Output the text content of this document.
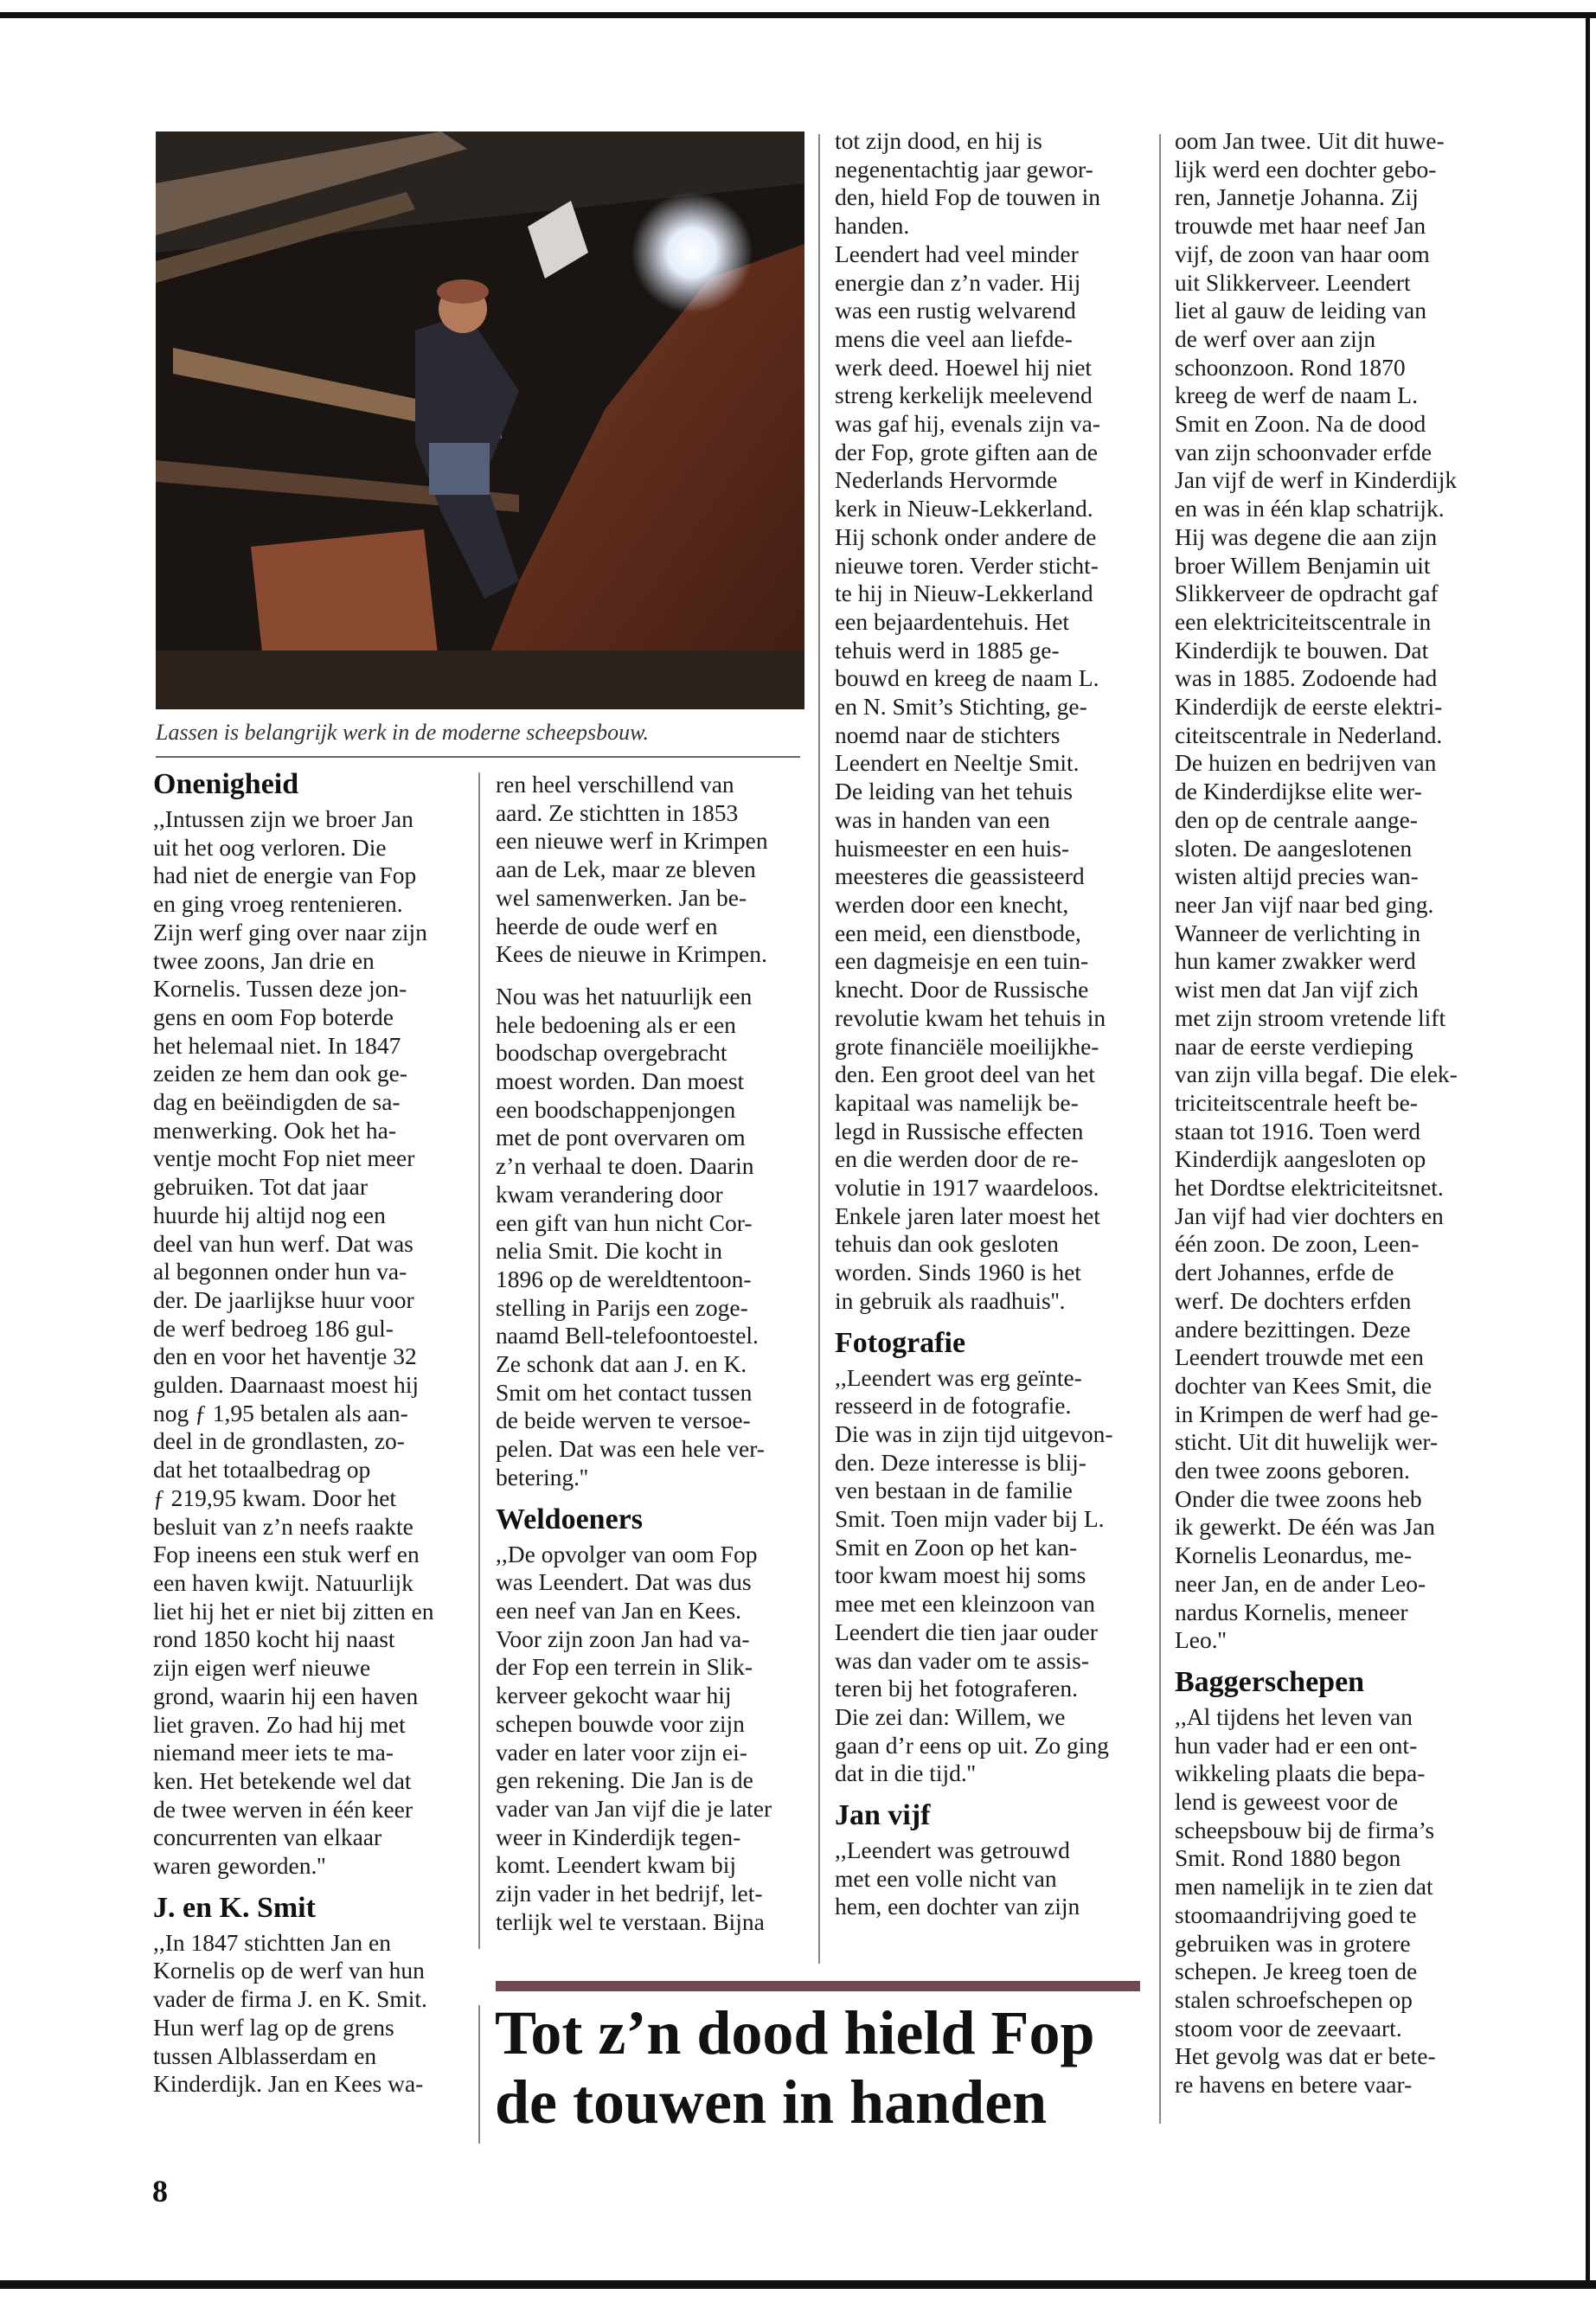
Lassen is belangrijk werk in de moderne scheepsbouw.
Onenigheid

,,Intussen zijn we broer Jan

uit het oog verloren. Die

had niet de energie van Fop

en ging vroeg rentenieren.

Zijn werf ging over naar zijn

twee zoons, Jan drie en

Kornelis. Tussen deze jon-

gens en oom Fop boterde

het helemaal niet. In 1847

zeiden ze hem dan ook ge-

dag en beëindigden de sa-

menwerking. Ook het ha-

ventje mocht Fop niet meer

gebruiken. Tot dat jaar

huurde hij altijd nog een

deel van hun werf. Dat was

al begonnen onder hun va-

der. De jaarlijkse huur voor

de werf bedroeg 186 gul-

den en voor het haventje 32

gulden. Daarnaast moest hij

nog ƒ 1,95 betalen als aan-

deel in de grondlasten, zo-

dat het totaalbedrag op

ƒ 219,95 kwam. Door het

besluit van z’n neefs raakte

Fop ineens een stuk werf en

een haven kwijt. Natuurlijk

liet hij het er niet bij zitten en

rond 1850 kocht hij naast

zijn eigen werf nieuwe

grond, waarin hij een haven

liet graven. Zo had hij met

niemand meer iets te ma-

ken. Het betekende wel dat

de twee werven in één keer

concurrenten van elkaar

waren geworden.''

J. en K. Smit

,,In 1847 stichtten Jan en

Kornelis op de werf van hun

vader de firma J. en K. Smit.

Hun werf lag op de grens

tussen Alblasserdam en

Kinderdijk. Jan en Kees wa-

ren heel verschillend van

aard. Ze stichtten in 1853

een nieuwe werf in Krimpen

aan de Lek, maar ze bleven

wel samenwerken. Jan be-

heerde de oude werf en

Kees de nieuwe in Krimpen.

Nou was het natuurlijk een

hele bedoening als er een

boodschap overgebracht

moest worden. Dan moest

een boodschappenjongen

met de pont overvaren om

z’n verhaal te doen. Daarin

kwam verandering door

een gift van hun nicht Cor-

nelia Smit. Die kocht in

1896 op de wereldtentoon-

stelling in Parijs een zoge-

naamd Bell-telefoontoestel.

Ze schonk dat aan J. en K.

Smit om het contact tussen

de beide werven te versoe-

pelen. Dat was een hele ver-

betering.''

Weldoeners

,,De opvolger van oom Fop

was Leendert. Dat was dus

een neef van Jan en Kees.

Voor zijn zoon Jan had va-

der Fop een terrein in Slik-

kerveer gekocht waar hij

schepen bouwde voor zijn

vader en later voor zijn ei-

gen rekening. Die Jan is de

vader van Jan vijf die je later

weer in Kinderdijk tegen-

komt. Leendert kwam bij

zijn vader in het bedrijf, let-

terlijk wel te verstaan. Bijna

tot zijn dood, en hij is

negenentachtig jaar gewor-

den, hield Fop de touwen in

handen.

Leendert had veel minder

energie dan z’n vader. Hij

was een rustig welvarend

mens die veel aan liefde-

werk deed. Hoewel hij niet

streng kerkelijk meelevend

was gaf hij, evenals zijn va-

der Fop, grote giften aan de

Nederlands Hervormde

kerk in Nieuw-Lekkerland.

Hij schonk onder andere de

nieuwe toren. Verder sticht-

te hij in Nieuw-Lekkerland

een bejaardentehuis. Het

tehuis werd in 1885 ge-

bouwd en kreeg de naam L.

en N. Smit’s Stichting, ge-

noemd naar de stichters

Leendert en Neeltje Smit.

De leiding van het tehuis

was in handen van een

huismeester en een huis-

meesteres die geassisteerd

werden door een knecht,

een meid, een dienstbode,

een dagmeisje en een tuin-

knecht. Door de Russische

revolutie kwam het tehuis in

grote financiële moeilijkhe-

den. Een groot deel van het

kapitaal was namelijk be-

legd in Russische effecten

en die werden door de re-

volutie in 1917 waardeloos.

Enkele jaren later moest het

tehuis dan ook gesloten

worden. Sinds 1960 is het

in gebruik als raadhuis''.

Fotografie

,,Leendert was erg geïnte-

resseerd in de fotografie.

Die was in zijn tijd uitgevon-

den. Deze interesse is blij-

ven bestaan in de familie

Smit. Toen mijn vader bij L.

Smit en Zoon op het kan-

toor kwam moest hij soms

mee met een kleinzoon van

Leendert die tien jaar ouder

was dan vader om te assis-

teren bij het fotograferen.

Die zei dan: Willem, we

gaan d’r eens op uit. Zo ging

dat in die tijd.''

Jan vijf

,,Leendert was getrouwd

met een volle nicht van

hem, een dochter van zijn

oom Jan twee. Uit dit huwe-

lijk werd een dochter gebo-

ren, Jannetje Johanna. Zij

trouwde met haar neef Jan

vijf, de zoon van haar oom

uit Slikkerveer. Leendert

liet al gauw de leiding van

de werf over aan zijn

schoonzoon. Rond 1870

kreeg de werf de naam L.

Smit en Zoon. Na de dood

van zijn schoonvader erfde

Jan vijf de werf in Kinderdijk

en was in één klap schatrijk.

Hij was degene die aan zijn

broer Willem Benjamin uit

Slikkerveer de opdracht gaf

een elektriciteitscentrale in

Kinderdijk te bouwen. Dat

was in 1885. Zodoende had

Kinderdijk de eerste elektri-

citeitscentrale in Nederland.

De huizen en bedrijven van

de Kinderdijkse elite wer-

den op de centrale aange-

sloten. De aangeslotenen

wisten altijd precies wan-

neer Jan vijf naar bed ging.

Wanneer de verlichting in

hun kamer zwakker werd

wist men dat Jan vijf zich

met zijn stroom vretende lift

naar de eerste verdieping

van zijn villa begaf. Die elek-

triciteitscentrale heeft be-

staan tot 1916. Toen werd

Kinderdijk aangesloten op

het Dordtse elektriciteitsnet.

Jan vijf had vier dochters en

één zoon. De zoon, Leen-

dert Johannes, erfde de

werf. De dochters erfden

andere bezittingen. Deze

Leendert trouwde met een

dochter van Kees Smit, die

in Krimpen de werf had ge-

sticht. Uit dit huwelijk wer-

den twee zoons geboren.

Onder die twee zoons heb

ik gewerkt. De één was Jan

Kornelis Leonardus, me-

neer Jan, en de ander Leo-

nardus Kornelis, meneer

Leo.''

Baggerschepen

,,Al tijdens het leven van

hun vader had er een ont-

wikkeling plaats die bepa-

lend is geweest voor de

scheepsbouw bij de firma’s

Smit. Rond 1880 begon

men namelijk in te zien dat

stoomaandrijving goed te

gebruiken was in grotere

schepen. Je kreeg toen de

stalen schroefschepen op

stoom voor de zeevaart.

Het gevolg was dat er bete-

re havens en betere vaar-

Tot z’n dood hield Fop
de touwen in handen
8
